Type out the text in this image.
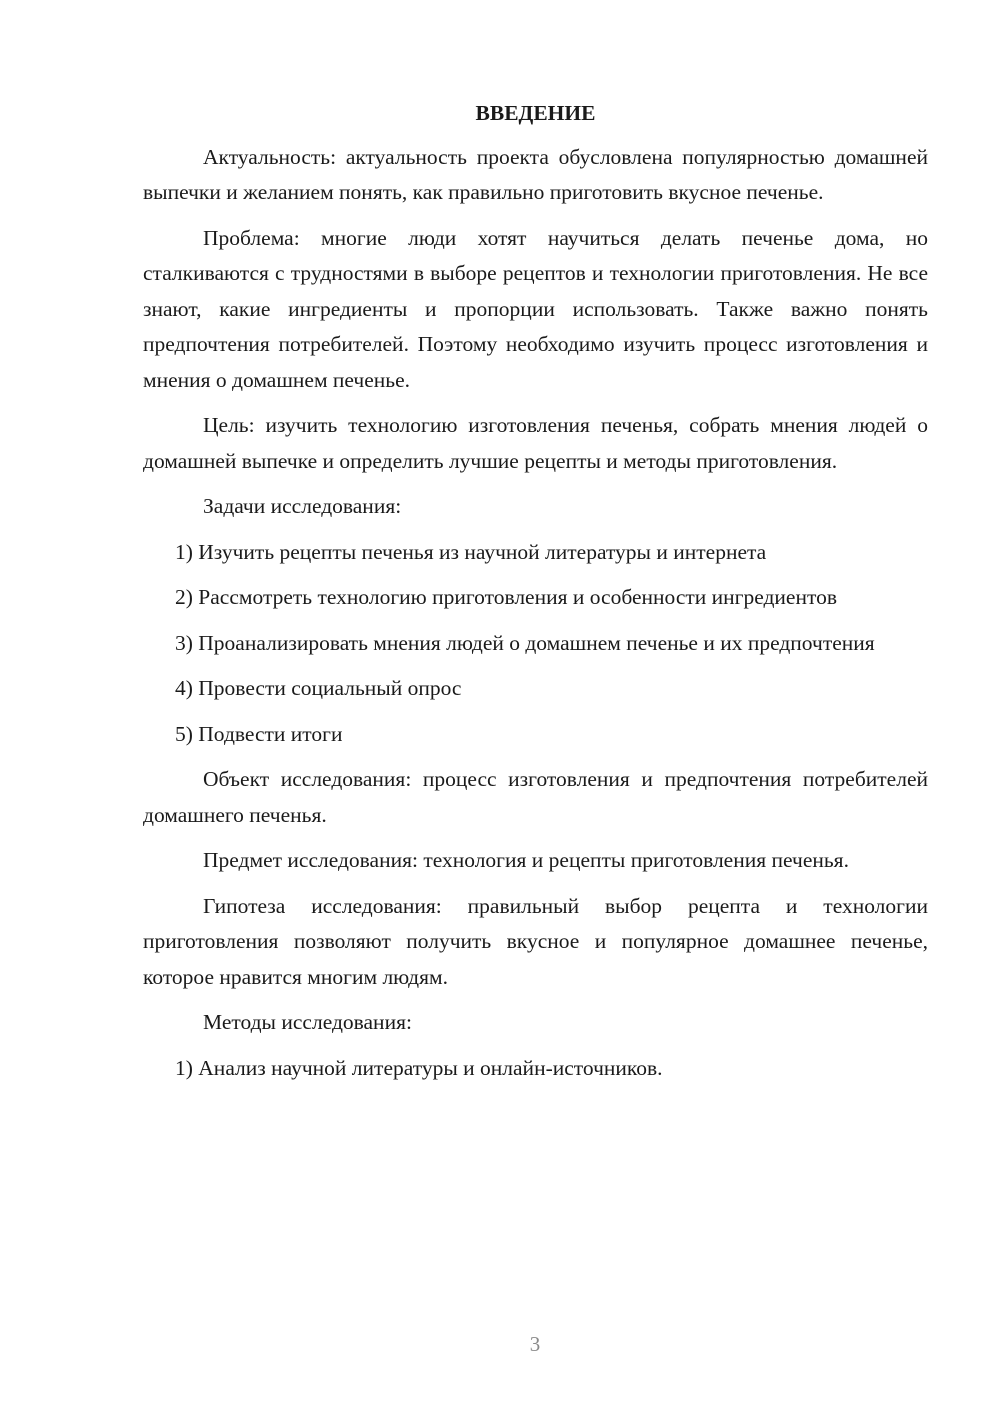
ВВЕДЕНИЕ

Актуальность: актуальность проекта обусловлена популярностью домашней выпечки и желанием понять, как правильно приготовить вкусное печенье.

Проблема: многие люди хотят научиться делать печенье дома, но сталкиваются с трудностями в выборе рецептов и технологии приготовления. Не все знают, какие ингредиенты и пропорции использовать. Также важно понять предпочтения потребителей. Поэтому необходимо изучить процесс изготовления и мнения о домашнем печенье.

Цель: изучить технологию изготовления печенья, собрать мнения людей о домашней выпечке и определить лучшие рецепты и методы приготовления.

Задачи исследования:

1) Изучить рецепты печенья из научной литературы и интернета

2) Рассмотреть технологию приготовления и особенности ингредиентов

3) Проанализировать мнения людей о домашнем печенье и их предпочтения

4) Провести социальный опрос

5) Подвести итоги

Объект исследования: процесс изготовления и предпочтения потребителей домашнего печенья.

Предмет исследования: технология и рецепты приготовления печенья.

Гипотеза исследования: правильный выбор рецепта и технологии приготовления позволяют получить вкусное и популярное домашнее печенье, которое нравится многим людям.

Методы исследования:

1) Анализ научной литературы и онлайн-источников.

3
